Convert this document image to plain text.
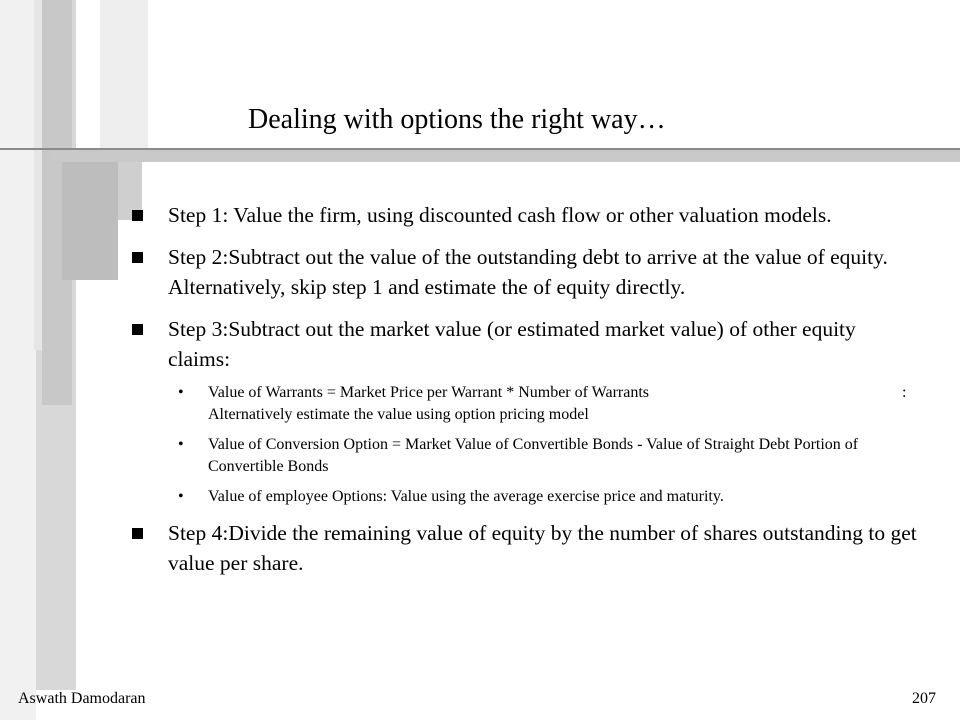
Dealing with options the right way…
Step 1: Value the firm, using discounted cash flow or other valuation models.
Step 2:Subtract out the value of the outstanding debt to arrive at the value of equity. Alternatively, skip step 1 and estimate the of equity directly.
Step 3:Subtract out the market value (or estimated market value) of other equity claims:
• Value of Warrants = Market Price per Warrant * Number of Warrants	:

Alternatively estimate the value using option pricing model
• Value of Conversion Option = Market Value of Convertible Bonds - Value of Straight Debt Portion of Convertible Bonds
• Value of employee Options: Value using the average exercise price and maturity.
Step 4:Divide the remaining value of equity by the number of shares outstanding to get value per share.
Aswath Damodaran	207
